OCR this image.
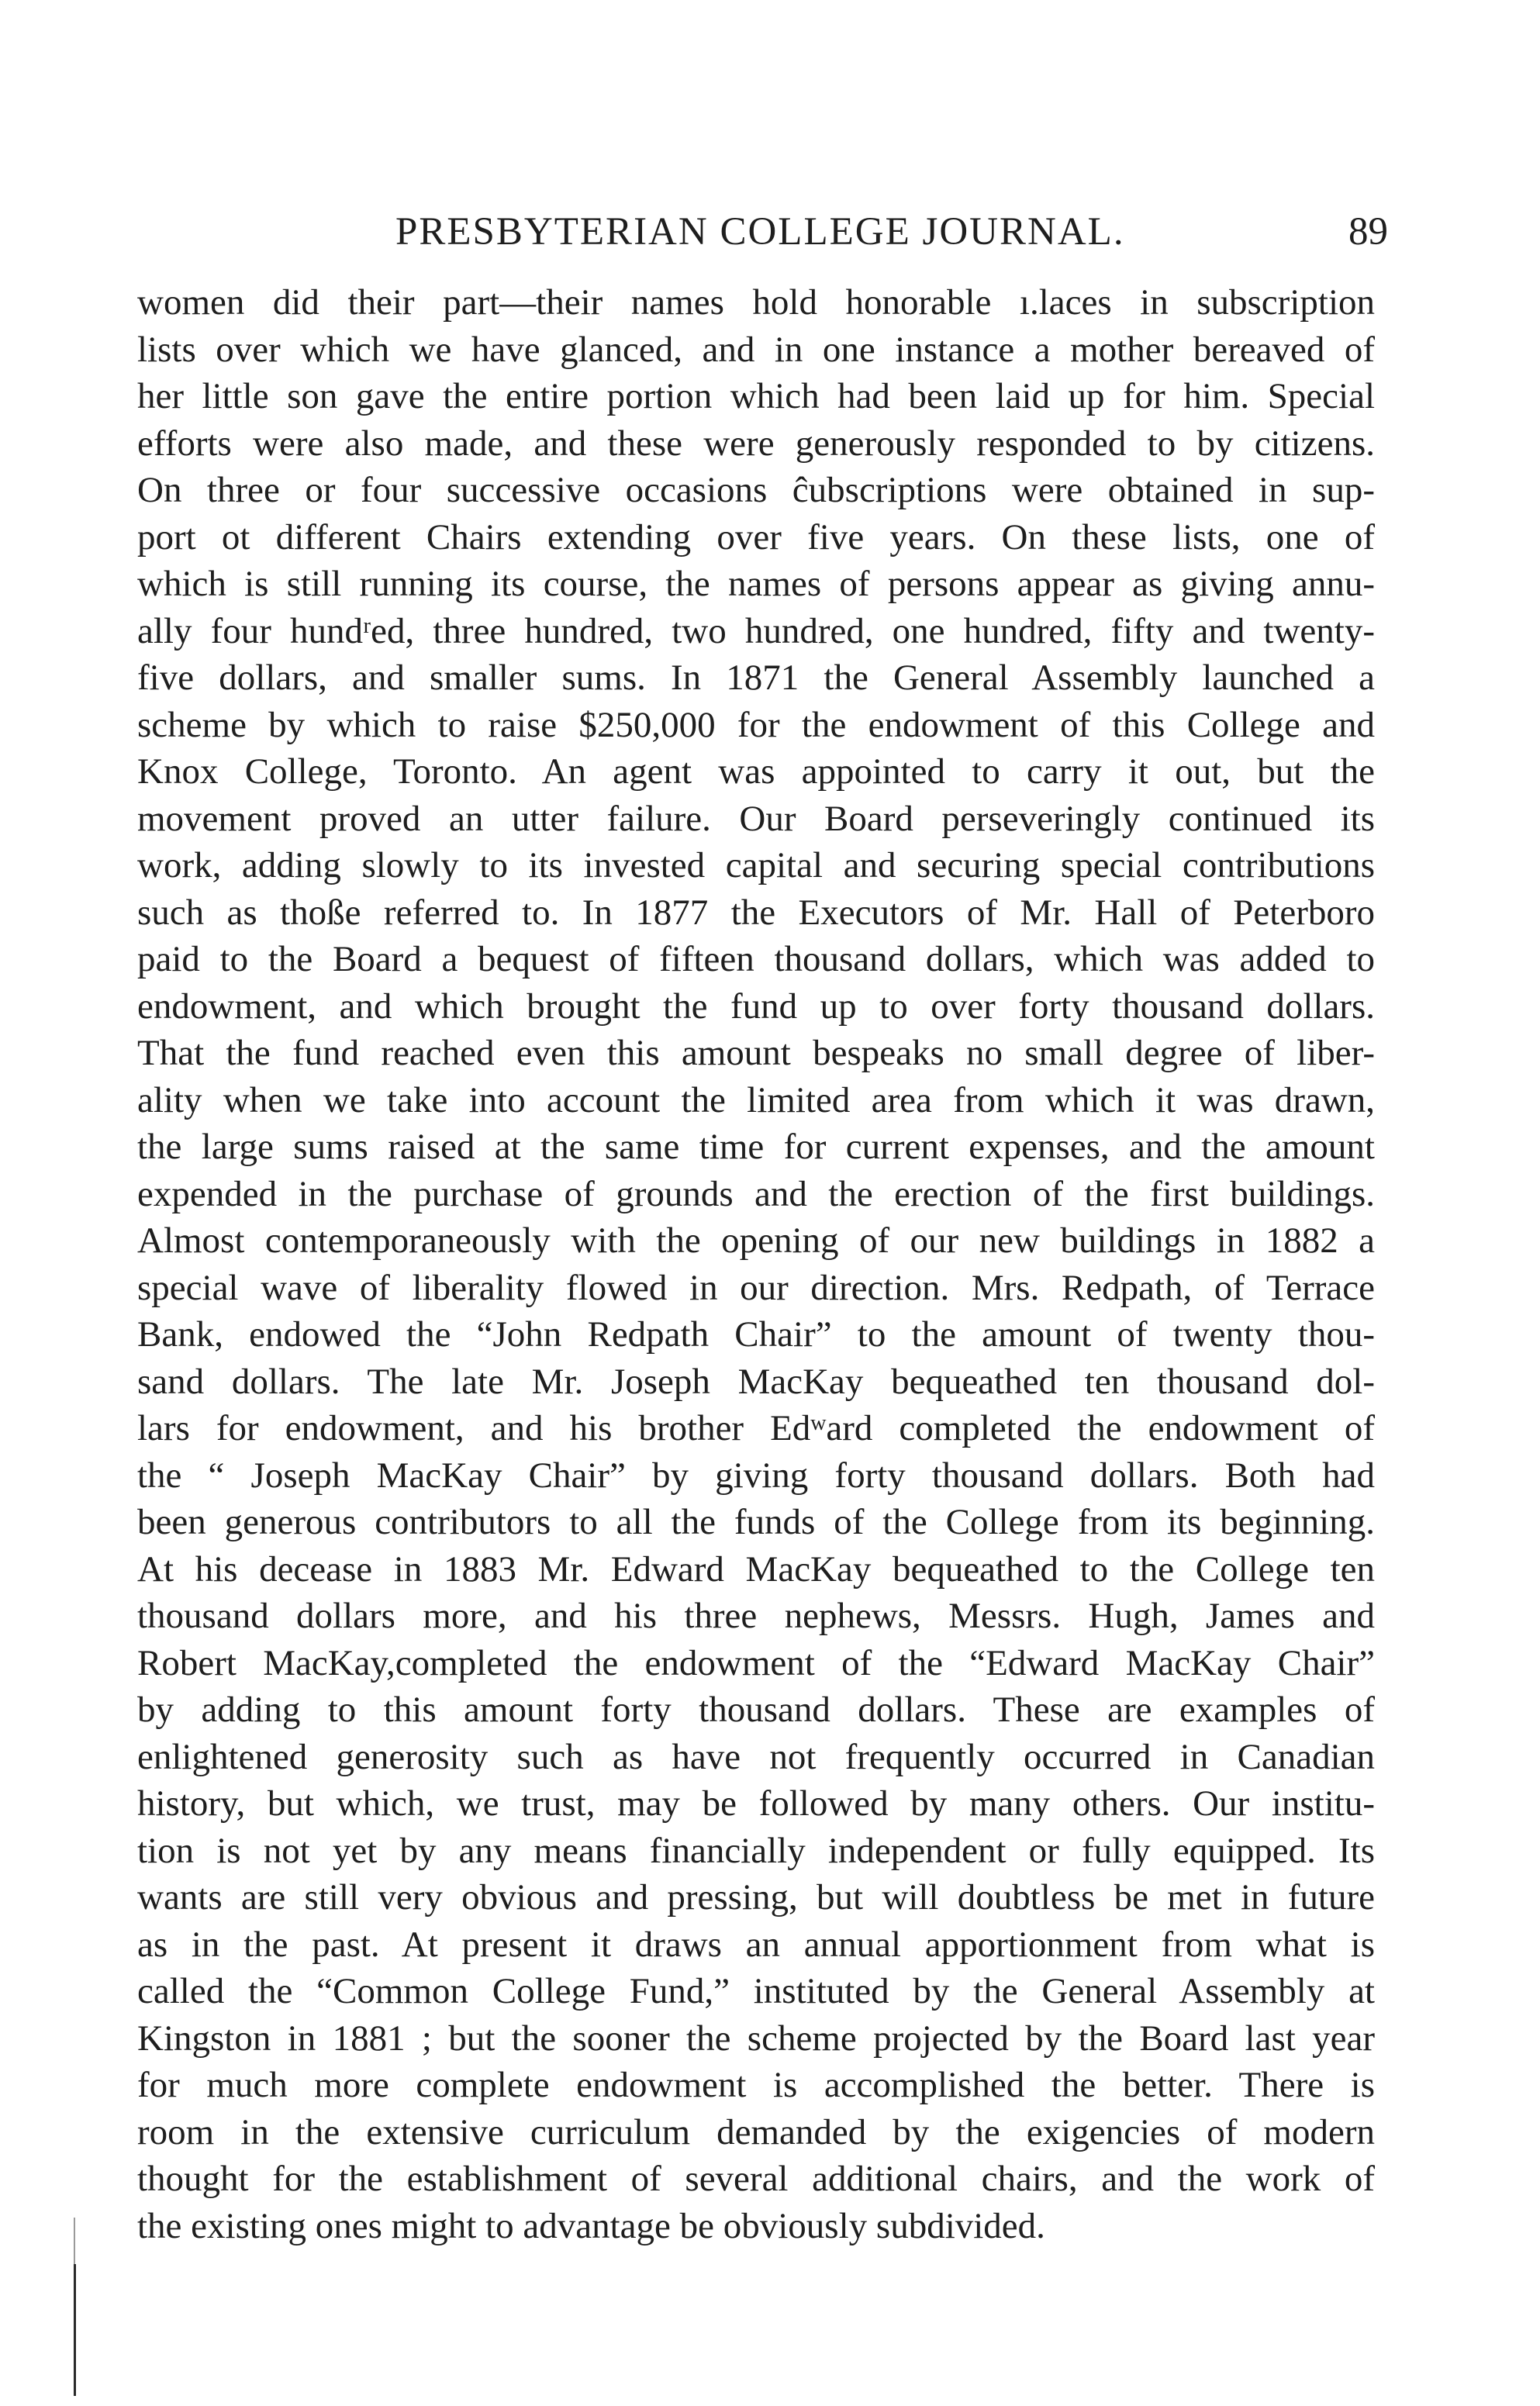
PRESBYTERIAN COLLEGE JOURNAL.	89
women did their part—their names hold honorable ı.laces in subscription
lists over which we have glanced, and in one instance a mother bereaved of
her little son gave the entire portion which had been laid up for him. Special
efforts were also made, and these were generously responded to by citizens.
On three or four successive occasions ĉubscriptions were obtained in sup-
port ot different Chairs extending over five years. On these lists, one of
which is still running its course, the names of persons appear as giving annu-
ally four hundʳed, three hundred, two hundred, one hundred, fifty and twenty-
five dollars, and smaller sums. In 1871 the General Assembly launched a
scheme by which to raise $250,000 for the endowment of this College and
Knox College, Toronto. An agent was appointed to carry it out, but the
movement proved an utter failure. Our Board perseveringly continued its
work, adding slowly to its invested capital and securing special contributions
such as thoße referred to. In 1877 the Executors of Mr. Hall of Peterboro
paid to the Board a bequest of fifteen thousand dollars, which was added to
endowment, and which brought the fund up to over forty thousand dollars.
That the fund reached even this amount bespeaks no small degree of liber-
ality when we take into account the limited area from which it was drawn,
the large sums raised at the same time for current expenses, and the amount
expended in the purchase of grounds and the erection of the first buildings.
Almost contemporaneously with the opening of our new buildings in 1882 a
special wave of liberality flowed in our direction. Mrs. Redpath, of Terrace
Bank, endowed the “John Redpath Chair” to the amount of twenty thou-
sand dollars. The late Mr. Joseph MacKay bequeathed ten thousand dol-
lars for endowment, and his brother Edʷard completed the endowment of
the “ Joseph MacKay Chair” by giving forty thousand dollars. Both had
been generous contributors to all the funds of the College from its beginning.
At his decease in 1883 Mr. Edward MacKay bequeathed to the College ten
thousand dollars more, and his three nephews, Messrs. Hugh, James and
Robert MacKay,completed the endowment of the “Edward MacKay Chair”
by adding to this amount forty thousand dollars. These are examples of
enlightened generosity such as have not frequently occurred in Canadian
history, but which, we trust, may be followed by many others. Our institu-
tion is not yet by any means financially independent or fully equipped. Its
wants are still very obvious and pressing, but will doubtless be met in future
as in the past. At present it draws an annual apportionment from what is
called the “Common College Fund,” instituted by the General Assembly at
Kingston in 1881 ; but the sooner the scheme projected by the Board last year
for much more complete endowment is accomplished the better. There is
room in the extensive curriculum demanded by the exigencies of modern
thought for the establishment of several additional chairs, and the work of
the existing ones might to advantage be obviously subdivided.
